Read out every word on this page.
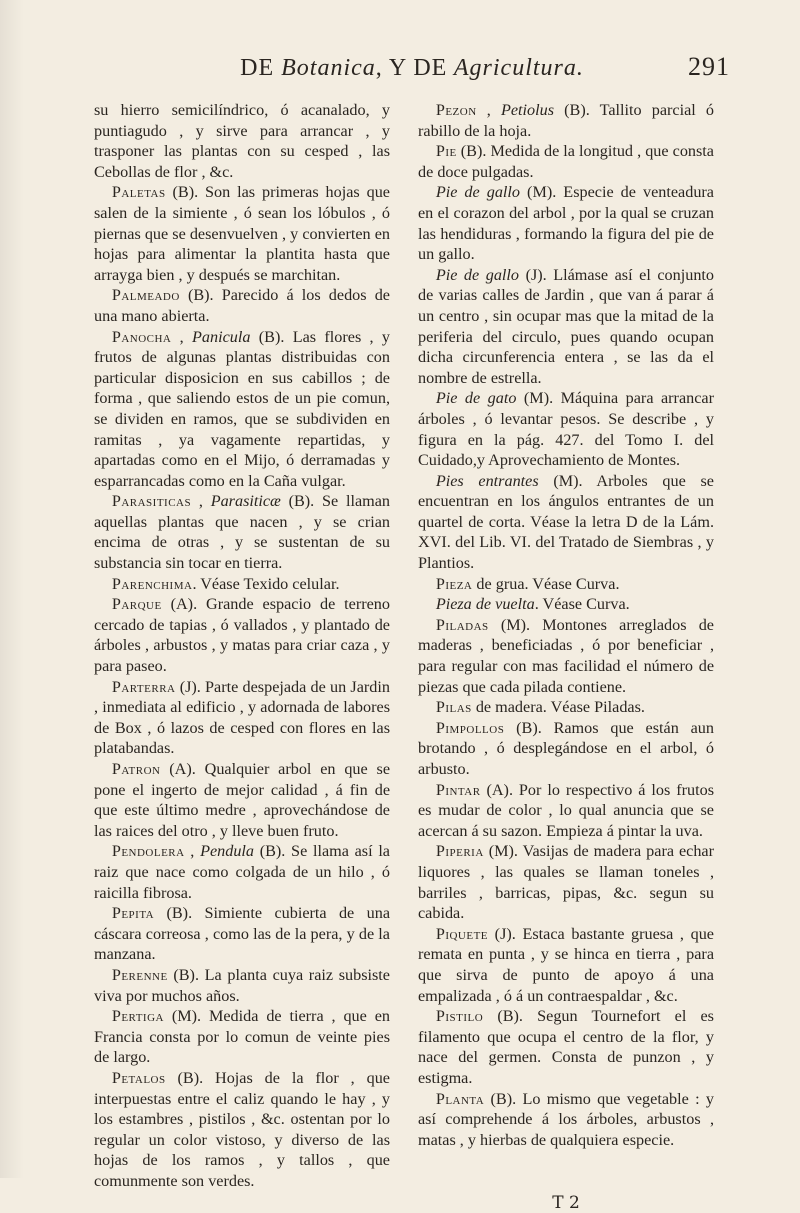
DE Botanica, Y DE Agricultura.	291

su hierro semicilíndrico, ó acanalado, y puntiagudo , y sirve para arrancar , y trasponer las plantas con su cesped , las Cebollas de flor , &c.

Paletas (B). Son las primeras hojas que salen de la simiente , ó sean los lóbulos , ó piernas que se desenvuelven , y convierten en hojas para alimentar la plantita hasta que arrayga bien , y después se marchitan.

Palmeado (B). Parecido á los dedos de una mano abierta.

Panocha , Panicula (B). Las flores , y frutos de algunas plantas distribuidas con particular disposicion en sus cabillos ; de forma , que saliendo estos de un pie comun, se dividen en ramos, que se subdividen en ramitas , ya vagamente repartidas, y apartadas como en el Mijo, ó derramadas y esparrancadas como en la Caña vulgar.

Parasiticas , Parasiticæ (B). Se llaman aquellas plantas que nacen , y se crian encima de otras , y se sustentan de su substancia sin tocar en tierra.

Parenchima. Véase Texido celular.

Parque (A). Grande espacio de terreno cercado de tapias , ó vallados , y plantado de árboles , arbustos , y matas para criar caza , y para paseo.

Parterra (J). Parte despejada de un Jardin , inmediata al edificio , y adornada de labores de Box , ó lazos de cesped con flores en las platabandas.

Patron (A). Qualquier arbol en que se pone el ingerto de mejor calidad , á fin de que este último medre , aprovechándose de las raices del otro , y lleve buen fruto.

Pendolera , Pendula (B). Se llama así la raiz que nace como colgada de un hilo , ó raicilla fibrosa.

Pepita (B). Simiente cubierta de una cáscara correosa , como las de la pera, y de la manzana.

Perenne (B). La planta cuya raiz subsiste viva por muchos años.

Pertiga (M). Medida de tierra , que en Francia consta por lo comun de veinte pies de largo.

Petalos (B). Hojas de la flor , que interpuestas entre el caliz quando le hay , y los estambres , pistilos , &c. ostentan por lo regular un color vistoso, y diverso de las hojas de los ramos , y tallos , que comunmente son verdes.

Pezon , Petiolus (B). Tallito parcial ó rabillo de la hoja.

Pie (B). Medida de la longitud , que consta de doce pulgadas.

Pie de gallo (M). Especie de venteadura en el corazon del arbol , por la qual se cruzan las hendiduras , formando la figura del pie de un gallo.

Pie de gallo (J). Llámase así el conjunto de varias calles de Jardin , que van á parar á un centro , sin ocupar mas que la mitad de la periferia del circulo, pues quando ocupan dicha circunferencia entera , se las da el nombre de estrella.

Pie de gato (M). Máquina para arrancar árboles , ó levantar pesos. Se describe , y figura en la pág. 427. del Tomo I. del Cuidado,y Aprovechamiento de Montes.

Pies entrantes (M). Arboles que se encuentran en los ángulos entrantes de un quartel de corta. Véase la letra D de la Lám. XVI. del Lib. VI. del Tratado de Siembras , y Plantios.

Pieza de grua. Véase Curva.

Pieza de vuelta. Véase Curva.

Piladas (M). Montones arreglados de maderas , beneficiadas , ó por beneficiar , para regular con mas facilidad el número de piezas que cada pilada contiene.

Pilas de madera. Véase Piladas.

Pimpollos (B). Ramos que están aun brotando , ó desplegándose en el arbol, ó arbusto.

Pintar (A). Por lo respectivo á los frutos es mudar de color , lo qual anuncia que se acercan á su sazon. Empieza á pintar la uva.

Piperia (M). Vasijas de madera para echar liquores , las quales se llaman toneles , barriles , barricas, pipas, &c. segun su cabida.

Piquete (J). Estaca bastante gruesa , que remata en punta , y se hinca en tierra , para que sirva de punto de apoyo á una empalizada , ó á un contraespaldar , &c.

Pistilo (B). Segun Tournefort el es filamento que ocupa el centro de la flor, y nace del germen. Consta de punzon , y estigma.

Planta (B). Lo mismo que vegetable : y así comprehende á los árboles, arbustos , matas , y hierbas de qualquiera especie.

T 2
